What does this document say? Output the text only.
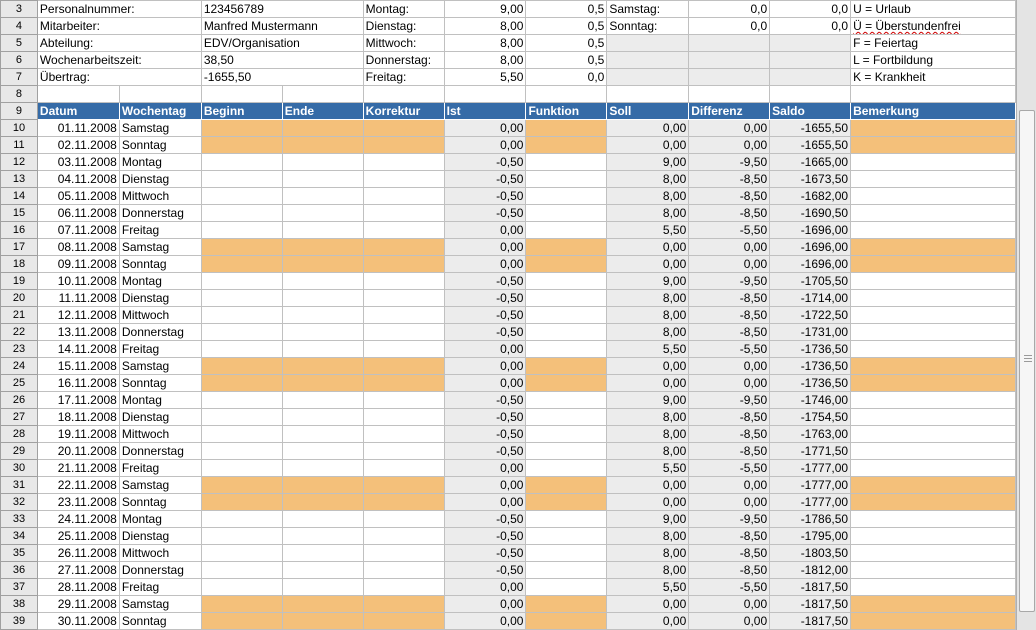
3	Personalnummer:		123456789		Montag:	9,00	0,5	Samstag:	0,0	0,0	U = Urlaub
4	Mitarbeiter:		Manfred Mustermann		Dienstag:	8,00	0,5	Sonntag:	0,0	0,0	Ü = Überstundenfrei
5	Abteilung:		EDV/Organisation		Mittwoch:	8,00	0,5				F = Feiertag
6	Wochenarbeitszeit:		38,50		Donnerstag:	8,00	0,5				L = Fortbildung
7	Übertrag:		-1655,50		Freitag:	5,50	0,0				K = Krankheit
8											
9	Datum	Wochentag	Beginn	Ende	Korrektur	Ist	Funktion	Soll	Differenz	Saldo	Bemerkung
10	01.11.2008	Samstag				0,00		0,00	0,00	-1655,50	
11	02.11.2008	Sonntag				0,00		0,00	0,00	-1655,50	
12	03.11.2008	Montag				-0,50		9,00	-9,50	-1665,00	
13	04.11.2008	Dienstag				-0,50		8,00	-8,50	-1673,50	
14	05.11.2008	Mittwoch				-0,50		8,00	-8,50	-1682,00	
15	06.11.2008	Donnerstag				-0,50		8,00	-8,50	-1690,50	
16	07.11.2008	Freitag				0,00		5,50	-5,50	-1696,00	
17	08.11.2008	Samstag				0,00		0,00	0,00	-1696,00	
18	09.11.2008	Sonntag				0,00		0,00	0,00	-1696,00	
19	10.11.2008	Montag				-0,50		9,00	-9,50	-1705,50	
20	11.11.2008	Dienstag				-0,50		8,00	-8,50	-1714,00	
21	12.11.2008	Mittwoch				-0,50		8,00	-8,50	-1722,50	
22	13.11.2008	Donnerstag				-0,50		8,00	-8,50	-1731,00	
23	14.11.2008	Freitag				0,00		5,50	-5,50	-1736,50	
24	15.11.2008	Samstag				0,00		0,00	0,00	-1736,50	
25	16.11.2008	Sonntag				0,00		0,00	0,00	-1736,50	
26	17.11.2008	Montag				-0,50		9,00	-9,50	-1746,00	
27	18.11.2008	Dienstag				-0,50		8,00	-8,50	-1754,50	
28	19.11.2008	Mittwoch				-0,50		8,00	-8,50	-1763,00	
29	20.11.2008	Donnerstag				-0,50		8,00	-8,50	-1771,50	
30	21.11.2008	Freitag				0,00		5,50	-5,50	-1777,00	
31	22.11.2008	Samstag				0,00		0,00	0,00	-1777,00	
32	23.11.2008	Sonntag				0,00		0,00	0,00	-1777,00	
33	24.11.2008	Montag				-0,50		9,00	-9,50	-1786,50	
34	25.11.2008	Dienstag				-0,50		8,00	-8,50	-1795,00	
35	26.11.2008	Mittwoch				-0,50		8,00	-8,50	-1803,50	
36	27.11.2008	Donnerstag				-0,50		8,00	-8,50	-1812,00	
37	28.11.2008	Freitag				0,00		5,50	-5,50	-1817,50	
38	29.11.2008	Samstag				0,00		0,00	0,00	-1817,50	
39	30.11.2008	Sonntag				0,00		0,00	0,00	-1817,50	
